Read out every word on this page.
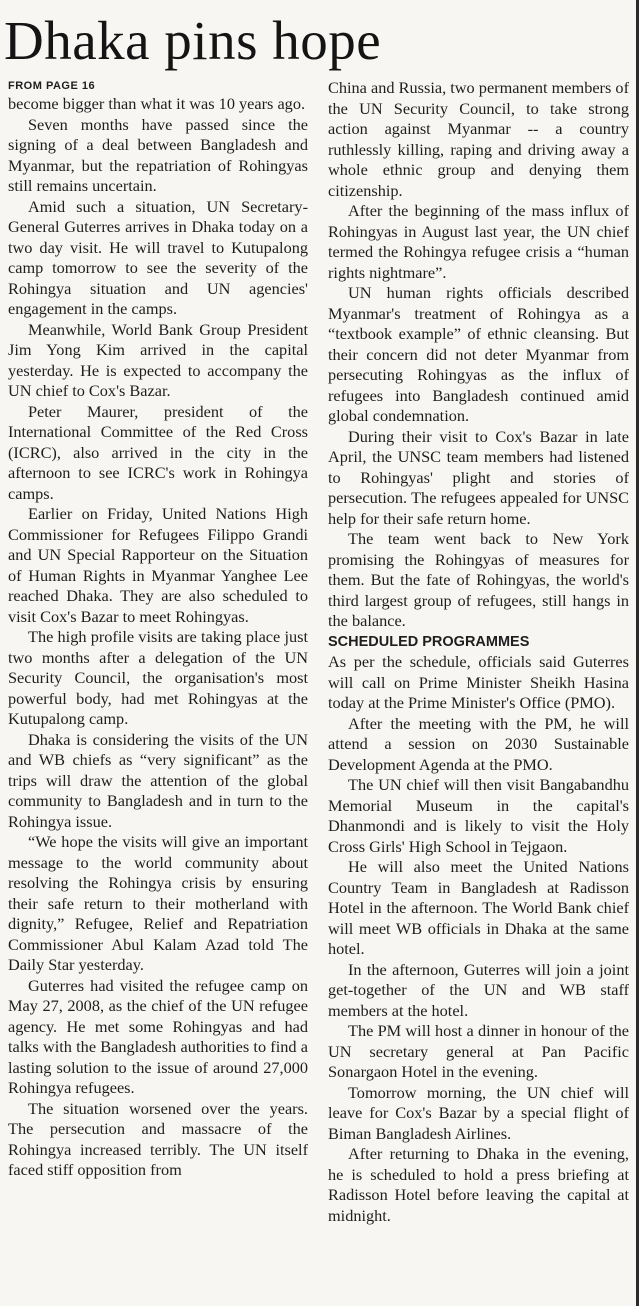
Dhaka pins hope
FROM PAGE 16

become bigger than what it was 10 years ago.

Seven months have passed since the signing of a deal between Bangladesh and Myanmar, but the repatriation of Rohingyas still remains uncertain.

Amid such a situation, UN Secretary-General Guterres arrives in Dhaka today on a two day visit. He will travel to Kutupalong camp tomorrow to see the severity of the Rohingya situation and UN agencies' engagement in the camps.

Meanwhile, World Bank Group President Jim Yong Kim arrived in the capital yesterday. He is expected to accompany the UN chief to Cox's Bazar.

Peter Maurer, president of the International Committee of the Red Cross (ICRC), also arrived in the city in the afternoon to see ICRC's work in Rohingya camps.

Earlier on Friday, United Nations High Commissioner for Refugees Filippo Grandi and UN Special Rapporteur on the Situation of Human Rights in Myanmar Yanghee Lee reached Dhaka. They are also scheduled to visit Cox's Bazar to meet Rohingyas.

The high profile visits are taking place just two months after a delegation of the UN Security Council, the organisation's most powerful body, had met Rohingyas at the Kutupalong camp.

Dhaka is considering the visits of the UN and WB chiefs as “very significant” as the trips will draw the attention of the global community to Bangladesh and in turn to the Rohingya issue.

“We hope the visits will give an important message to the world community about resolving the Rohingya crisis by ensuring their safe return to their motherland with dignity,” Refugee, Relief and Repatriation Commissioner Abul Kalam Azad told The Daily Star yesterday.

Guterres had visited the refugee camp on May 27, 2008, as the chief of the UN refugee agency. He met some Rohingyas and had talks with the Bangladesh authorities to find a lasting solution to the issue of around 27,000 Rohingya refugees.

The situation worsened over the years. The persecution and massacre of the Rohingya increased terribly. The UN itself faced stiff opposition from

China and Russia, two permanent members of the UN Security Council, to take strong action against Myanmar -- a country ruthlessly killing, raping and driving away a whole ethnic group and denying them citizenship.

After the beginning of the mass influx of Rohingyas in August last year, the UN chief termed the Rohingya refugee crisis a “human rights nightmare”.

UN human rights officials described Myanmar's treatment of Rohingya as a “textbook example” of ethnic cleansing. But their concern did not deter Myanmar from persecuting Rohingyas as the influx of refugees into Bangladesh continued amid global condemnation.

During their visit to Cox's Bazar in late April, the UNSC team members had listened to Rohingyas' plight and stories of persecution. The refugees appealed for UNSC help for their safe return home.

The team went back to New York promising the Rohingyas of measures for them. But the fate of Rohingyas, the world's third largest group of refugees, still hangs in the balance.

SCHEDULED PROGRAMMES

As per the schedule, officials said Guterres will call on Prime Minister Sheikh Hasina today at the Prime Minister's Office (PMO).

After the meeting with the PM, he will attend a session on 2030 Sustainable Development Agenda at the PMO.

The UN chief will then visit Bangabandhu Memorial Museum in the capital's Dhanmondi and is likely to visit the Holy Cross Girls' High School in Tejgaon.

He will also meet the United Nations Country Team in Bangladesh at Radisson Hotel in the afternoon. The World Bank chief will meet WB officials in Dhaka at the same hotel.

In the afternoon, Guterres will join a joint get-together of the UN and WB staff members at the hotel.

The PM will host a dinner in honour of the UN secretary general at Pan Pacific Sonargaon Hotel in the evening.

Tomorrow morning, the UN chief will leave for Cox's Bazar by a special flight of Biman Bangladesh Airlines.

After returning to Dhaka in the evening, he is scheduled to hold a press briefing at Radisson Hotel before leaving the capital at midnight.
